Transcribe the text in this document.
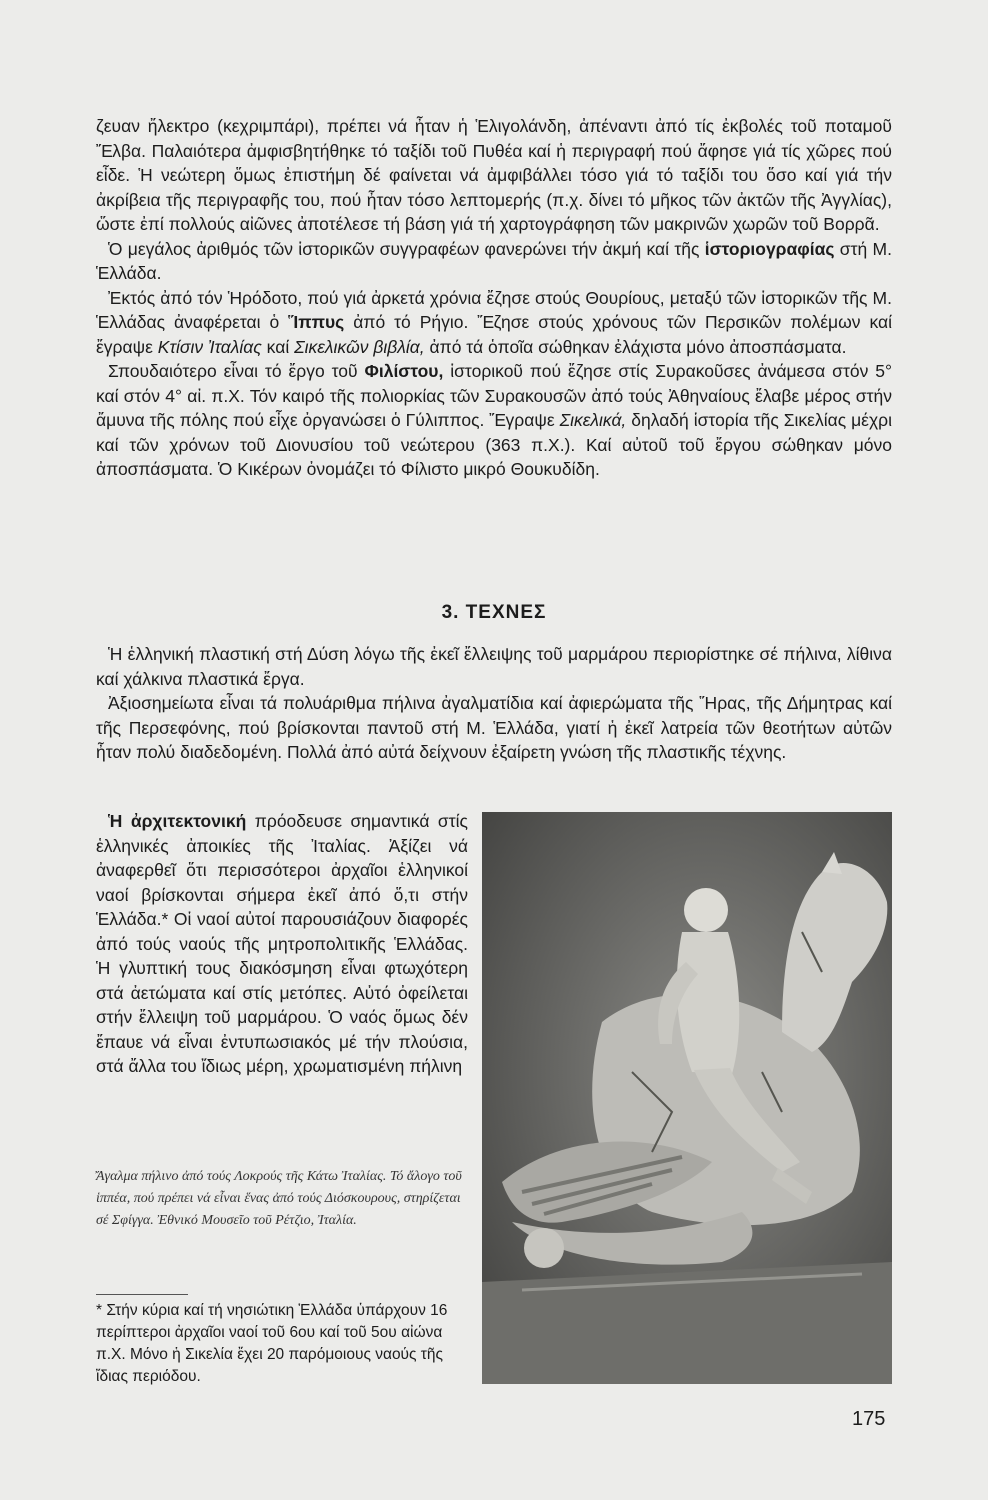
ζευαν ἤλεκτρο (κεχριμπάρι), πρέπει νά ἦταν ἡ Ἑλιγολάνδη, ἀπέναντι ἀπό τίς ἐκβολές τοῦ ποταμοῦ Ἔλβα. Παλαιότερα ἀμφισβητήθηκε τό ταξίδι τοῦ Πυθέα καί ἡ περιγραφή πού ἄφησε γιά τίς χῶρες πού εἶδε. Ἡ νεώτερη ὅμως ἐπιστήμη δέ φαίνεται νά ἀμφιβάλλει τόσο γιά τό ταξίδι του ὅσο καί γιά τήν ἀκρίβεια τῆς περιγραφῆς του, πού ἦταν τόσο λεπτομερής (π.χ. δίνει τό μῆκος τῶν ἀκτῶν τῆς Ἀγγλίας), ὥστε ἐπί πολλούς αἰῶνες ἀποτέλεσε τή βάση γιά τή χαρτογράφηση τῶν μακρινῶν χωρῶν τοῦ Βορρᾶ.

Ὁ μεγάλος ἀριθμός τῶν ἱστορικῶν συγγραφέων φανερώνει τήν ἀκμή καί τῆς ἱστοριογραφίας στή Μ. Ἑλλάδα.

Ἐκτός ἀπό τόν Ἡρόδοτο, πού γιά ἀρκετά χρόνια ἔζησε στούς Θουρίους, μεταξύ τῶν ἱστορικῶν τῆς Μ. Ἑλλάδας ἀναφέρεται ὁ Ἵππυς ἀπό τό Ρήγιο. Ἔζησε στούς χρόνους τῶν Περσικῶν πολέμων καί ἔγραψε Κτίσιν Ἰταλίας καί Σικελικῶν βιβλία, ἀπό τά ὁποῖα σώθηκαν ἐλάχιστα μόνο ἀποσπάσματα.

Σπουδαιότερο εἶναι τό ἔργο τοῦ Φιλίστου, ἱστορικοῦ πού ἔζησε στίς Συρακοῦσες ἀνάμεσα στόν 5° καί στόν 4° αἰ. π.Χ. Τόν καιρό τῆς πολιορκίας τῶν Συρακουσῶν ἀπό τούς Ἀθηναίους ἔλαβε μέρος στήν ἄμυνα τῆς πόλης πού εἶχε ὀργανώσει ὁ Γύλιππος. Ἔγραψε Σικελικά, δηλαδή ἱστορία τῆς Σικελίας μέχρι καί τῶν χρόνων τοῦ Διονυσίου τοῦ νεώτερου (363 π.Χ.). Καί αὐτοῦ τοῦ ἔργου σώθηκαν μόνο ἀποσπάσματα. Ὁ Κικέρων ὀνομάζει τό Φίλιστο μικρό Θουκυδίδη.

3. ΤΕΧΝΕΣ

Ἡ ἑλληνική πλαστική στή Δύση λόγω τῆς ἐκεῖ ἔλλειψης τοῦ μαρμάρου περιορίστηκε σέ πήλινα, λίθινα καί χάλκινα πλαστικά ἔργα.

Ἀξιοσημείωτα εἶναι τά πολυάριθμα πήλινα ἀγαλματίδια καί ἀφιερώματα τῆς Ἥρας, τῆς Δήμητρας καί τῆς Περσεφόνης, πού βρίσκονται παντοῦ στή Μ. Ἑλλάδα, γιατί ἡ ἐκεῖ λατρεία τῶν θεοτήτων αὐτῶν ἦταν πολύ διαδεδομένη. Πολλά ἀπό αὐτά δείχνουν ἐξαίρετη γνώση τῆς πλαστικῆς τέχνης.

Ἡ ἀρχιτεκτονική πρόοδευσε σημαντικά στίς ἑλληνικές ἀποικίες τῆς Ἰταλίας. Ἀξίζει νά ἀναφερθεῖ ὅτι περισσότεροι ἀρχαῖοι ἑλληνικοί ναοί βρίσκονται σήμερα ἐκεῖ ἀπό ὅ,τι στήν Ἑλλάδα.* Οἱ ναοί αὐτοί παρουσιάζουν διαφορές ἀπό τούς ναούς τῆς μητροπολιτικῆς Ἑλλάδας. Ἡ γλυπτική τους διακόσμηση εἶναι φτωχότερη στά ἀετώματα καί στίς μετόπες. Αὐτό ὀφείλεται στήν ἔλλειψη τοῦ μαρμάρου. Ὁ ναός ὅμως δέν ἔπαυε νά εἶναι ἐντυπωσιακός μέ τήν πλούσια, στά ἄλλα του ἴδιως μέρη, χρωματισμένη πήλινη

Ἄγαλμα πήλινο ἀπό τούς Λοκρούς τῆς Κάτω Ἰταλίας. Τό ἄλογο τοῦ ἱππέα, πού πρέπει νά εἶναι ἕνας ἀπό τούς Διόσκουρους, στηρίζεται σέ Σφίγγα. Ἐθνικό Μουσεῖο τοῦ Ρέτζιο, Ἰταλία.
* Στήν κύρια καί τή νησιώτικη Ἑλλάδα ὑπάρχουν 16 περίπτεροι ἀρχαῖοι ναοί τοῦ 6ου καί τοῦ 5ου αἰώνα π.Χ. Μόνο ἡ Σικελία ἔχει 20 παρόμοιους ναούς τῆς ἴδιας περιόδου.
175
